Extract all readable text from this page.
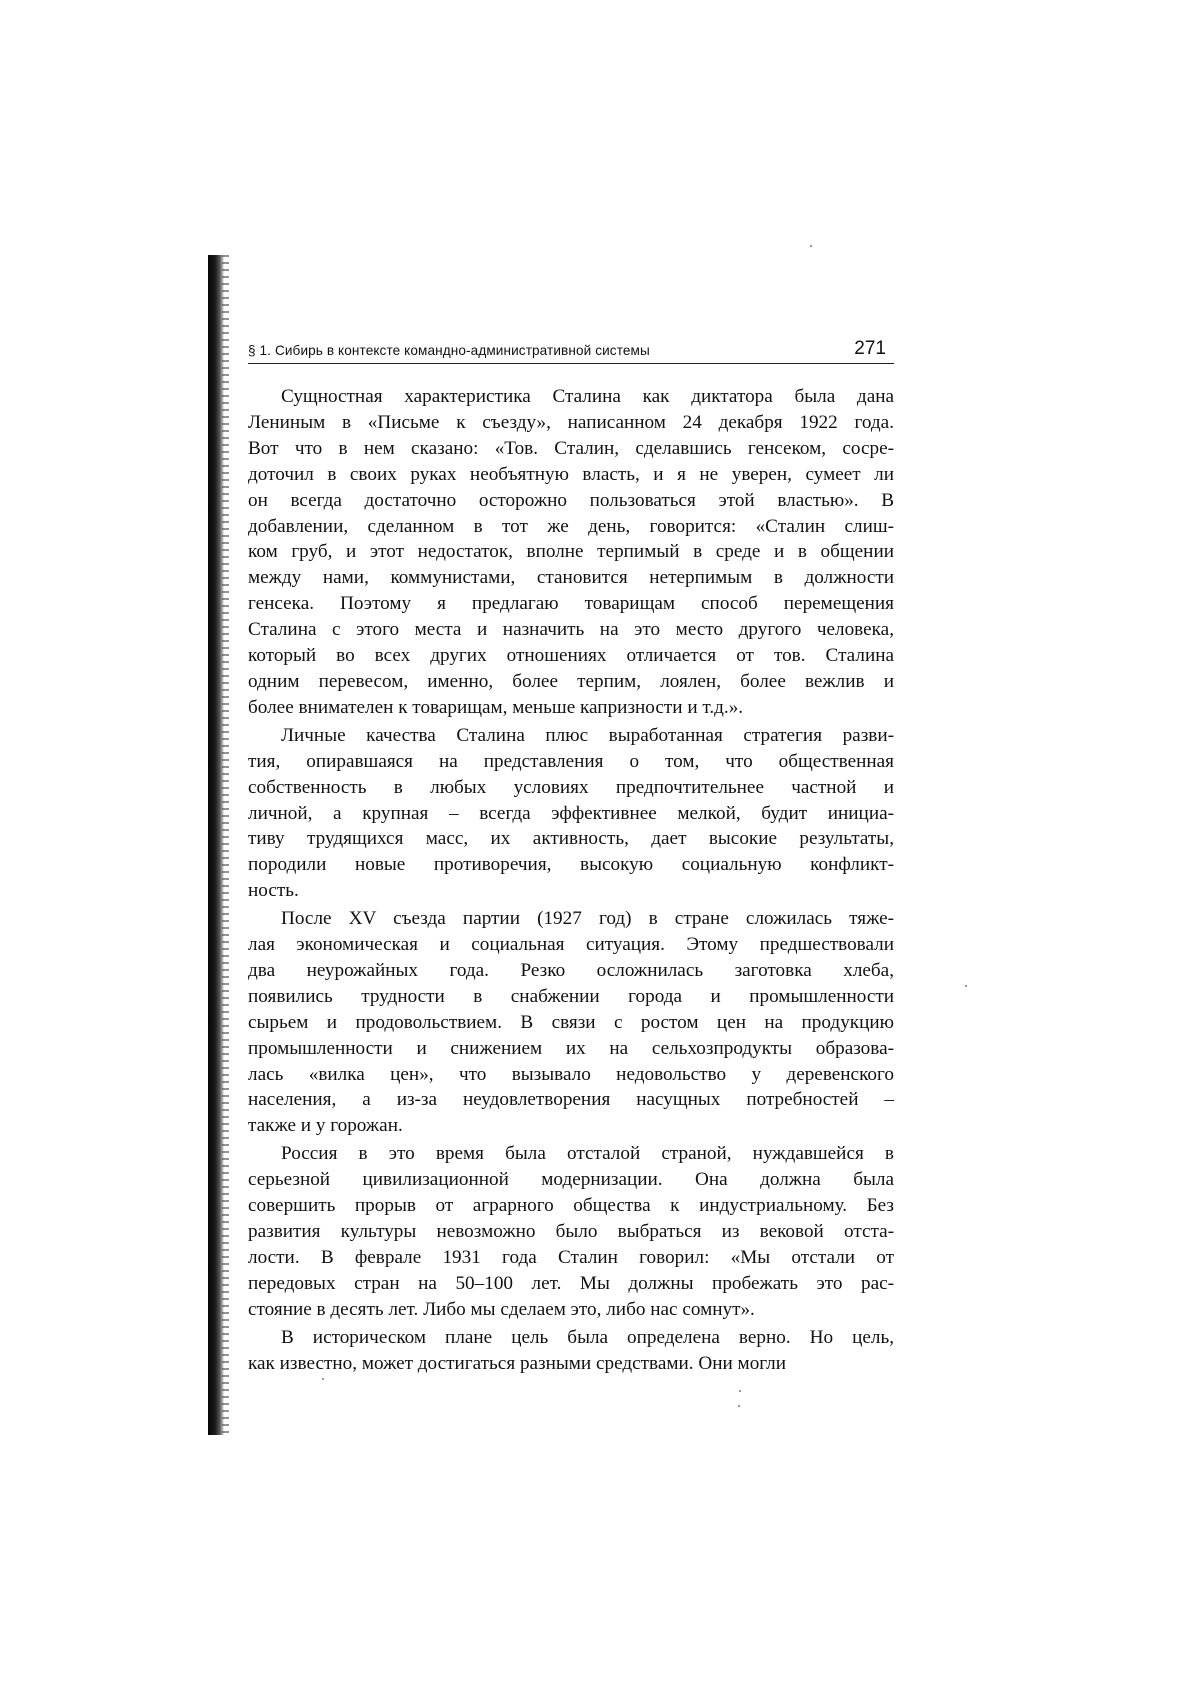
§ 1. Сибирь в контексте командно-административной системы	271

Сущностная характеристика Сталина как диктатора была дана
Лениным в «Письме к съезду», написанном 24 декабря 1922 года.
Вот что в нем сказано: «Тов. Сталин, сделавшись генсеком, сосре-
доточил в своих руках необъятную власть, и я не уверен, сумеет ли
он всегда достаточно осторожно пользоваться этой властью». В
добавлении, сделанном в тот же день, говорится: «Сталин слиш-
ком груб, и этот недостаток, вполне терпимый в среде и в общении
между нами, коммунистами, становится нетерпимым в должности
генсека. Поэтому я предлагаю товарищам способ перемещения
Сталина с этого места и назначить на это место другого человека,
который во всех других отношениях отличается от тов. Сталина
одним перевесом, именно, более терпим, лоялен, более вежлив и
более внимателен к товарищам, меньше капризности и т.д.».

Личные качества Сталина плюс выработанная стратегия разви-
тия, опиравшаяся на представления о том, что общественная
собственность в любых условиях предпочтительнее частной и
личной, а крупная – всегда эффективнее мелкой, будит инициа-
тиву трудящихся масс, их активность, дает высокие результаты,
породили новые противоречия, высокую социальную конфликт-
ность.

После XV съезда партии (1927 год) в стране сложилась тяже-
лая экономическая и социальная ситуация. Этому предшествовали
два неурожайных года. Резко осложнилась заготовка хлеба,
появились трудности в снабжении города и промышленности
сырьем и продовольствием. В связи с ростом цен на продукцию
промышленности и снижением их на сельхозпродукты образова-
лась «вилка цен», что вызывало недовольство у деревенского
населения, а из-за неудовлетворения насущных потребностей –
также и у горожан.

Россия в это время была отсталой страной, нуждавшейся в
серьезной цивилизационной модернизации. Она должна была
совершить прорыв от аграрного общества к индустриальному. Без
развития культуры невозможно было выбраться из вековой отста-
лости. В феврале 1931 года Сталин говорил: «Мы отстали от
передовых стран на 50–100 лет. Мы должны пробежать это рас-
стояние в десять лет. Либо мы сделаем это, либо нас сомнут».

В историческом плане цель была определена верно. Но цель,
как известно, может достигаться разными средствами. Они могли
